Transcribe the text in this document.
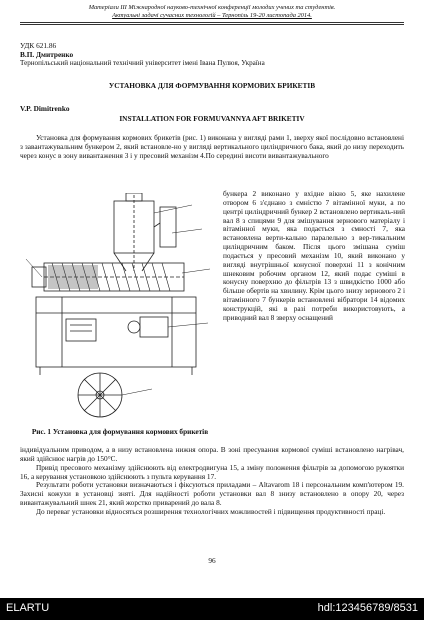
Матеріали ІІІ Міжнародної науково-технічної конференції молодих учених та студентів.
Актуальні задачі сучасних технологій – Тернопіль 19-20 листопада 2014.
УДК 621.86
В.П. Дмитренко
Тернопільський національний технічний університет імені Івана Пулюя, Україна
УСТАНОВКА ДЛЯ ФОРМУВАННЯ КОРМОВИХ БРИКЕТІВ
V.P. Dimitrenko
INSTALLATION FOR FORMUVANNYA AFT BRIKETIV

Установка для формування кормових брикетів (рис. 1) виконана у вигляді рами 1, зверху якої послідовно встановлені з завантажувальним бункером 2, який встановле-но у вигляді вертикального циліндричного бака, який до низу переходить через конус в зону вивантаження 3 і у пресовий механізм 4.По середині висоти вивантажувального

бункера 2 виконано у вхідне вікно 5, яке нахилене отвором 6 з'єднано з ємністю 7 вітамінної муки, а по центрі циліндричний бункер 2 встановлено вертикаль-ний вал 8 з спицями 9 для змішування зернового матеріалу і вітамінної муки, яка подається з ємності 7, яка встановлена верти-кально паралельно з вер-тикальним циліндричним баком. Після цього змішана суміш подається у пресовий механізм 10, який виконано у вигляді внутрішньої конусної поверхні 11 з конічним шнековим робочим органом 12, який подає суміші в конусну поверхню до фільтрів 13 з швидкістю 1000 або більше обертів на хвилину. Крім цього знизу зернового 2 і вітамінного 7 бункерів встановлені вібратори 14 відомих конструкцій, які в разі потреби використовують, а приводний вал 8 зверху оснащений
Рис. 1 Установка для формування кормових брикетів

індивідуальним приводом, а в низу встановлена нижня опора. В зоні пресування кормової суміші встановлено нагрівач, який здійснює нагрів до 150°С.

Привід пресового механізму здійснюють від електродвигуна 15, а зміну положення фільтрів за допомогою рукоятки 16, а керування установкою здійснюють з пульта керування 17.

Результати роботи установки визначаються і фіксуються приладами – Altavarom 18 і персональним комп'ютером 19. Захисні кожухи в установці зняті. Для надійності роботи установки вал 8 знизу встановлено в опору 20, через вивантажувальний шнек 21, який жорстко приварений до вала 8.

До переваг установки відносяться розширення технологічних можливостей і підвищення продуктивності праці.

96
ELARTU	hdl:123456789/8531
